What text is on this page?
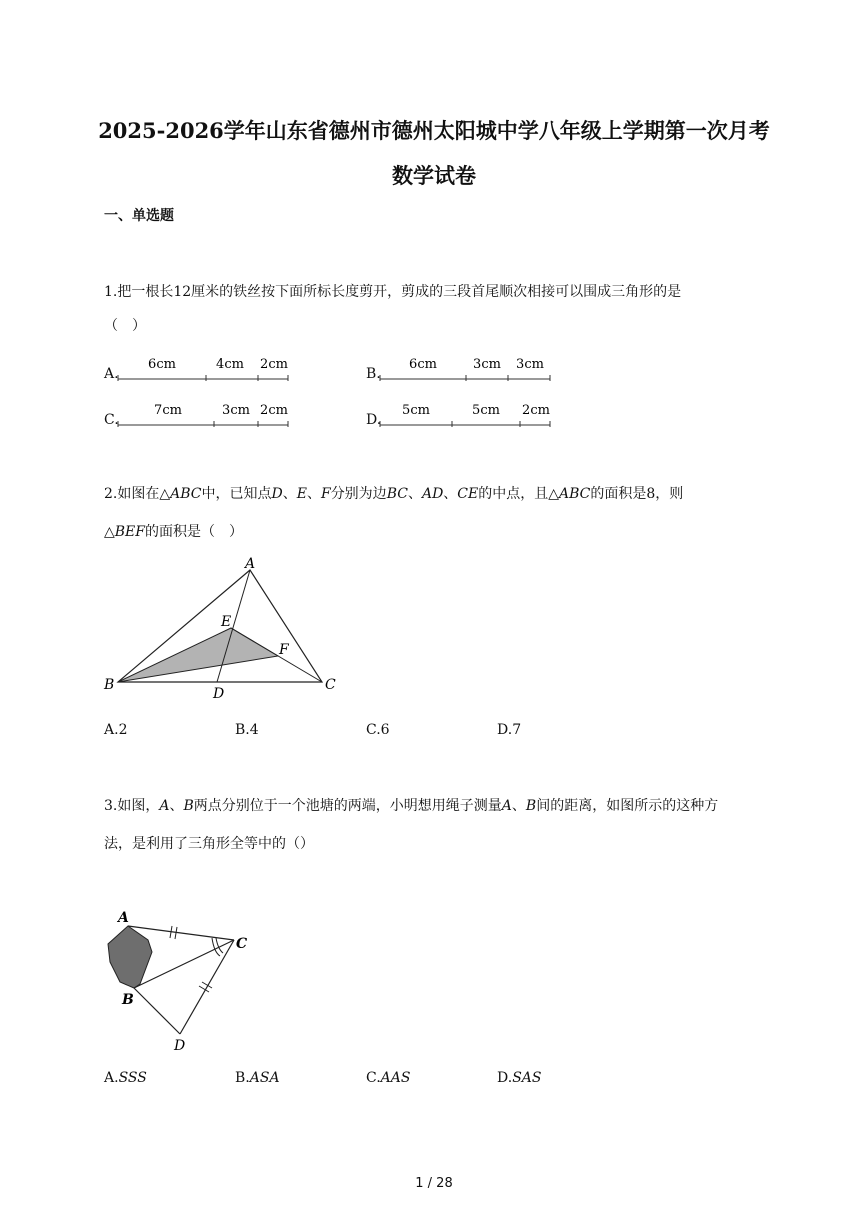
2025-2026学年山东省德州市德州太阳城中学八年级上学期第一次月考
数学试卷
一、单选题
1.把一根长12厘米的铁丝按下面所标长度剪开，剪成的三段首尾顺次相接可以围成三角形的是
（　）
A.
6cm	4cm 2cm
B.
6cm	3cm 3cm
C.
7cm	3cm 2cm
D.
5cm	5cm 2cm
2.如图在△ABC中，已知点D、E、F分别为边BC、AD、CE的中点，且△ABC的面积是8，则
△BEF的面积是（　）
A
B	C
D
E
F
A.2	B.4	C.6	D.7
3.如图，A、B两点分别位于一个池塘的两端，小明想用绳子测量A、B间的距离，如图所示的这种方
法，是利用了三角形全等中的（）
A
B
C
D
A.SSS	B.ASA	C.AAS	D.SAS
1 / 28
